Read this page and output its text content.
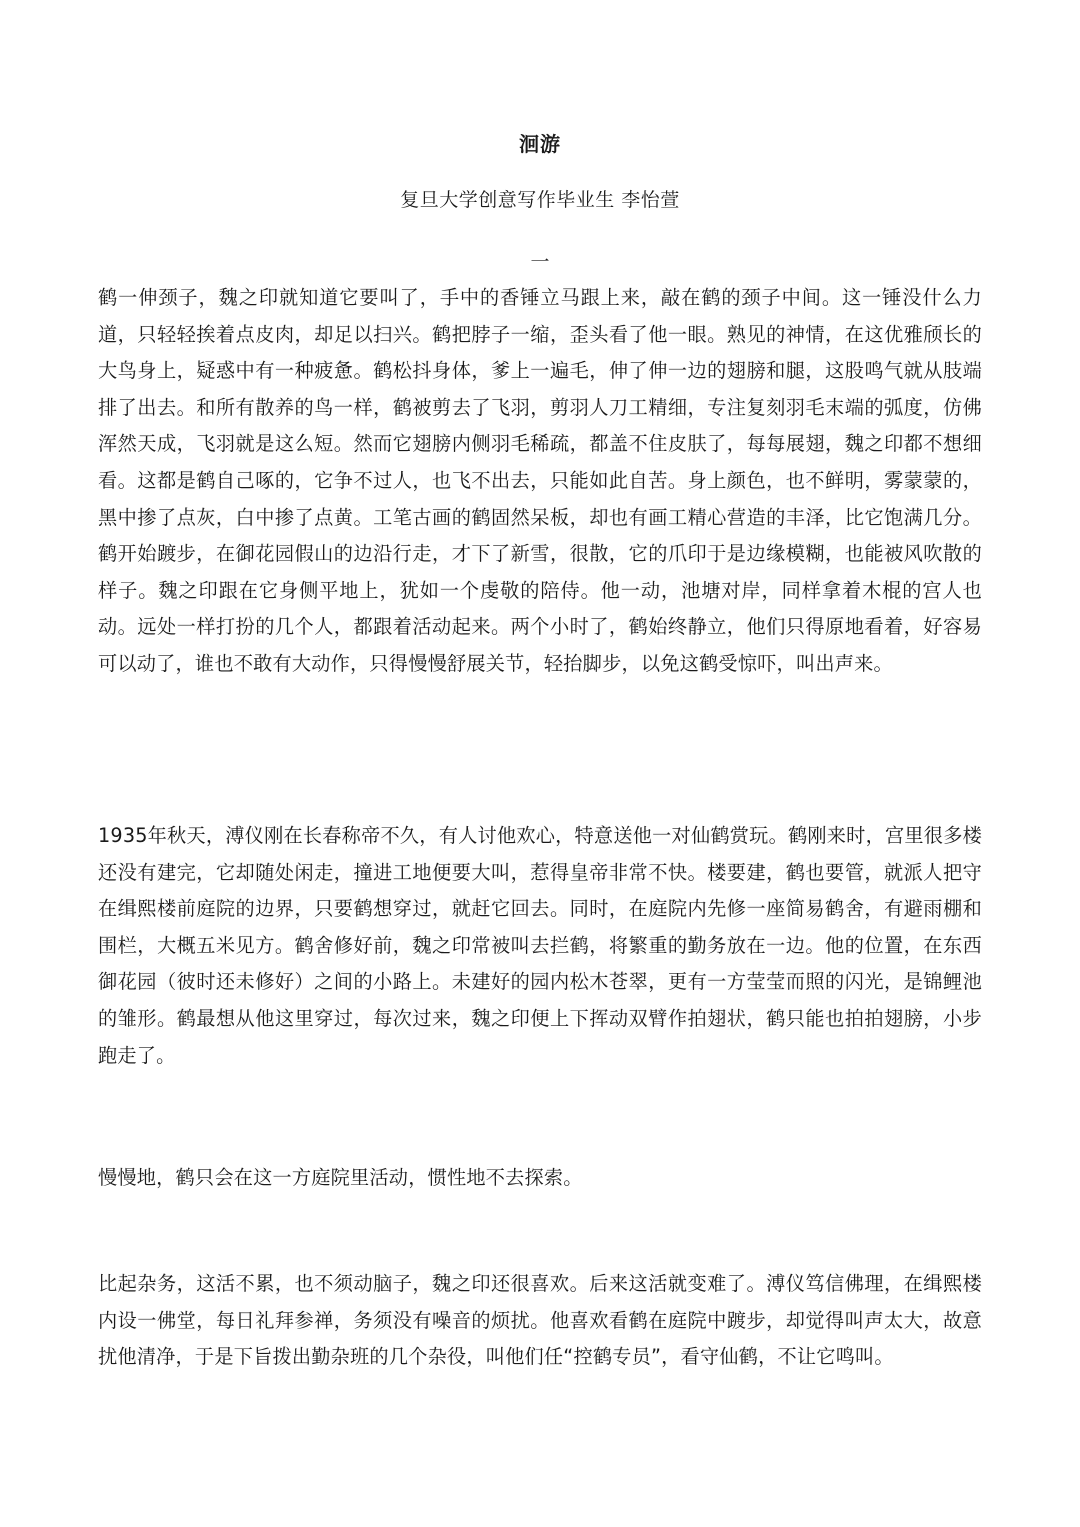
洄游

复旦大学创意写作毕业生 李怡萱

一

鹤一伸颈子，魏之印就知道它要叫了，手中的香锤立马跟上来，敲在鹤的颈子中间。这一锤没什么力道，只轻轻挨着点皮肉，却足以扫兴。鹤把脖子一缩，歪头看了他一眼。熟见的神情，在这优雅颀长的大鸟身上，疑惑中有一种疲惫。鹤松抖身体，爹上一遍毛，伸了伸一边的翅膀和腿，这股鸣气就从肢端排了出去。和所有散养的鸟一样，鹤被剪去了飞羽，剪羽人刀工精细，专注复刻羽毛末端的弧度，仿佛浑然天成，飞羽就是这么短。然而它翅膀内侧羽毛稀疏，都盖不住皮肤了，每每展翅，魏之印都不想细看。这都是鹤自己啄的，它争不过人，也飞不出去，只能如此自苦。身上颜色，也不鲜明，雾蒙蒙的，黑中掺了点灰，白中掺了点黄。工笔古画的鹤固然呆板，却也有画工精心营造的丰泽，比它饱满几分。鹤开始踱步，在御花园假山的边沿行走，才下了新雪，很散，它的爪印于是边缘模糊，也能被风吹散的样子。魏之印跟在它身侧平地上，犹如一个虔敬的陪侍。他一动，池塘对岸，同样拿着木棍的宫人也动。远处一样打扮的几个人，都跟着活动起来。两个小时了，鹤始终静立，他们只得原地看着，好容易可以动了，谁也不敢有大动作，只得慢慢舒展关节，轻抬脚步，以免这鹤受惊吓，叫出声来。

1935年秋天，溥仪刚在长春称帝不久，有人讨他欢心，特意送他一对仙鹤赏玩。鹤刚来时，宫里很多楼还没有建完，它却随处闲走，撞进工地便要大叫，惹得皇帝非常不快。楼要建，鹤也要管，就派人把守在缉熙楼前庭院的边界，只要鹤想穿过，就赶它回去。同时，在庭院内先修一座简易鹤舍，有避雨棚和围栏，大概五米见方。鹤舍修好前，魏之印常被叫去拦鹤，将繁重的勤务放在一边。他的位置，在东西御花园（彼时还未修好）之间的小路上。未建好的园内松木苍翠，更有一方莹莹而照的闪光，是锦鲤池的雏形。鹤最想从他这里穿过，每次过来，魏之印便上下挥动双臂作拍翅状，鹤只能也拍拍翅膀，小步跑走了。

慢慢地，鹤只会在这一方庭院里活动，惯性地不去探索。

比起杂务，这活不累，也不须动脑子，魏之印还很喜欢。后来这活就变难了。溥仪笃信佛理，在缉熙楼内设一佛堂，每日礼拜参禅，务须没有噪音的烦扰。他喜欢看鹤在庭院中踱步，却觉得叫声太大，故意扰他清净，于是下旨拨出勤杂班的几个杂役，叫他们任“控鹤专员”，看守仙鹤，不让它鸣叫。
